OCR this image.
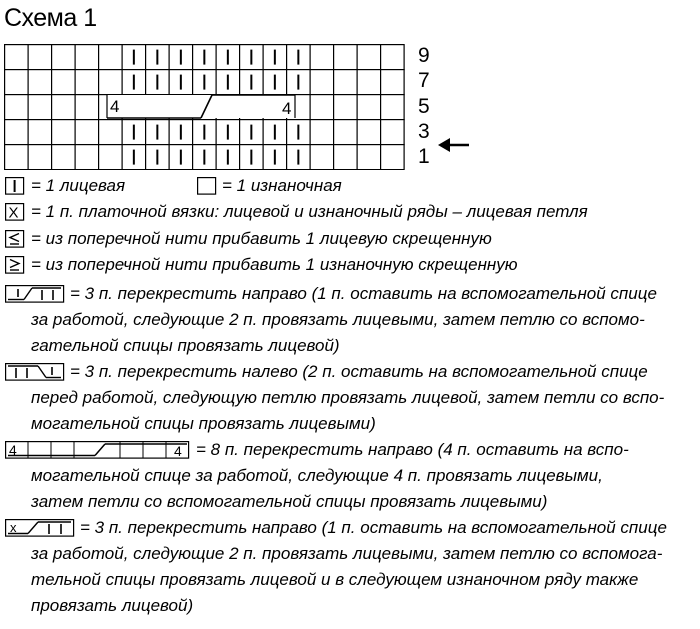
Схема 1
4	4
9
7
5
3
1
= 1 лицевая	= 1 изнаночная
X = 1 п. платочной вязки: лицевой и изнаночный ряды – лицевая петля
= из поперечной нити прибавить 1 лицевую скрещенную
= из поперечной нити прибавить 1 изнаночную скрещенную
= 3 п. перекрестить направо (1 п. оставить на вспомогательной спице
за работой, следующие 2 п. провязать лицевыми, затем петлю со вспомо-
гательной спицы провязать лицевой)
= 3 п. перекрестить налево (2 п. оставить на вспомогательной спице
перед работой, следующую петлю провязать лицевой, затем петли со вспо-
могательной спицы провязать лицевыми)
4	4 = 8 п. перекрестить направо (4 п. оставить на вспо-
могательной спице за работой, следующие 4 п. провязать лицевыми,
затем петли со вспомогательной спицы провязать лицевыми)
x	= 3 п. перекрестить направо (1 п. оставить на вспомогательной спице
за работой, следующие 2 п. провязать лицевыми, затем петлю со вспомога-
тельной спицы провязать лицевой и в следующем изнаночном ряду также
провязать лицевой)
